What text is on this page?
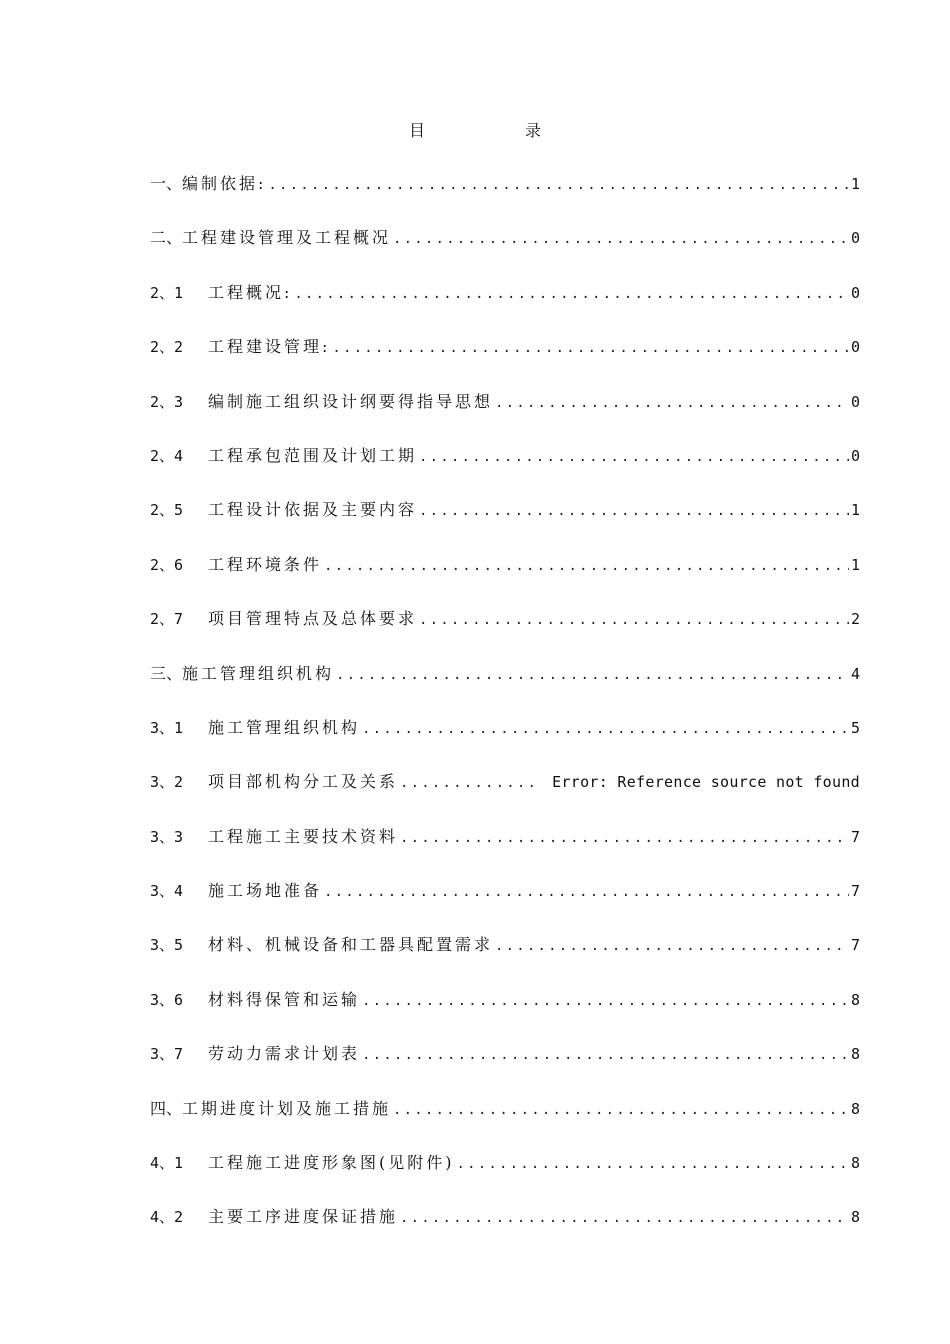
目	录
一、 编制依据: .....	1
二、 工程建设管理及工程概况 .....	0
2、1	工程概况: .....	0
2、2	工程建设管理: .....	0
2、3	编制施工组织设计纲要得指导思想 .....	0
2、4	工程承包范围及计划工期 .....	0
2、5	工程设计依据及主要内容 .....	1
2、6	工程环境条件 .....	1
2、7	项目管理特点及总体要求 .....	2
三、 施工管理组织机构 .....	4
3、1	施工管理组织机构 .....	5
3、2	项目部机构分工及关系 .....	Error: Reference source not found
3、3	工程施工主要技术资料 .....	7
3、4	施工场地准备 .....	7
3、5	材料、机械设备和工器具配置需求 .....	7
3、6	材料得保管和运输 .....	8
3、7	劳动力需求计划表 .....	8
四、 工期进度计划及施工措施 .....	8
4、1	工程施工进度形象图(见附件) .....	8
4、2	主要工序进度保证措施 .....	8
